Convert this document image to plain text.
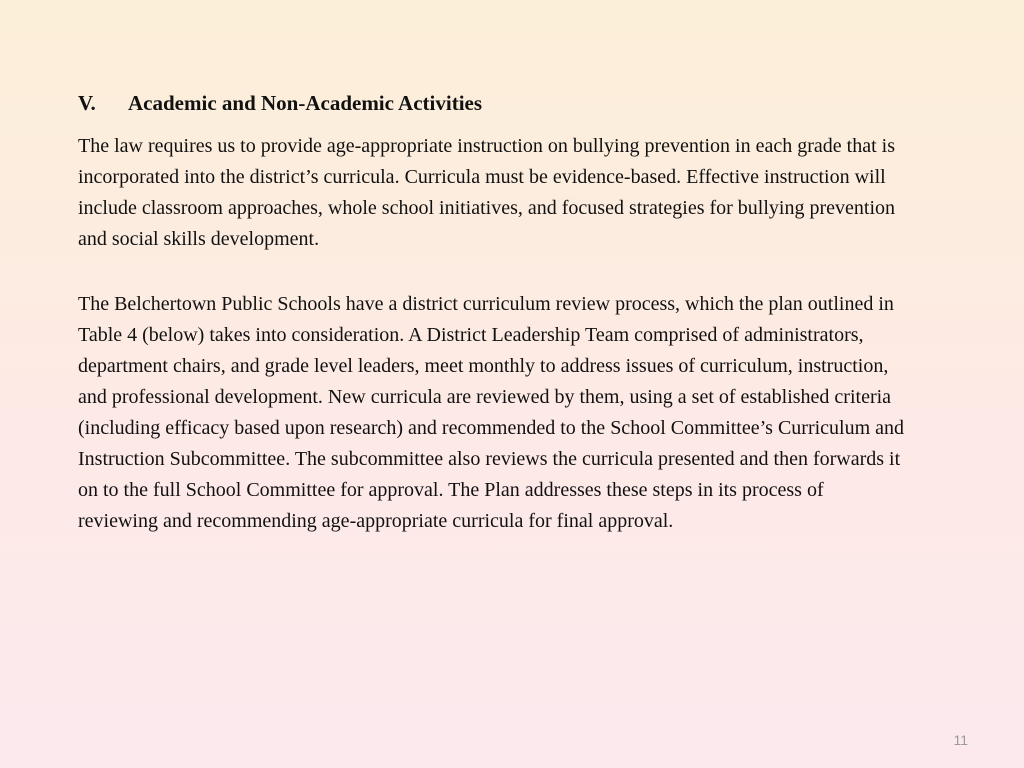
V.	Academic and Non-Academic Activities

The law requires us to provide age-appropriate instruction on bullying prevention in each grade that is
incorporated into the district’s curricula. Curricula must be evidence-based. Effective instruction will
include classroom approaches, whole school initiatives, and focused strategies for bullying prevention
and social skills development.

The Belchertown Public Schools have a district curriculum review process, which the plan outlined in
Table 4 (below) takes into consideration. A District Leadership Team comprised of administrators,
department chairs, and grade level leaders, meet monthly to address issues of curriculum, instruction,
and professional development. New curricula are reviewed by them, using a set of established criteria
(including efficacy based upon research) and recommended to the School Committee’s Curriculum and
Instruction Subcommittee. The subcommittee also reviews the curricula presented and then forwards it
on to the full School Committee for approval. The Plan addresses these steps in its process of
reviewing and recommending age-appropriate curricula for final approval.

11
